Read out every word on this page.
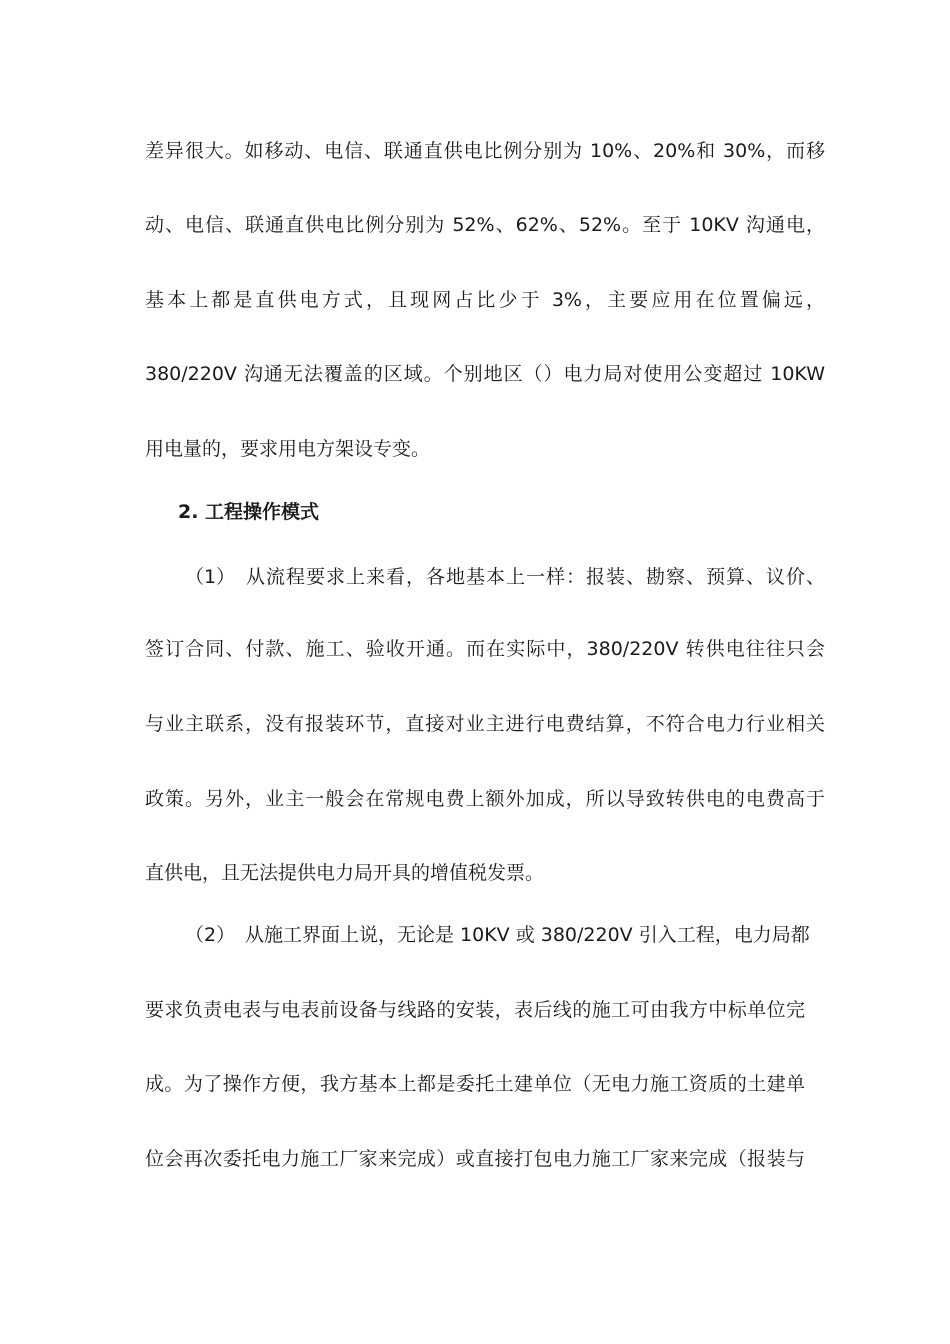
差异很大。如移动、电信、联通直供电比例分别为 10%、20%和 30%，而移
动、电信、联通直供电比例分别为 52%、62%、52%。至于 10KV 沟通电，
基本上都是直供电方式，且现网占比少于 3%，主要应用在位置偏远，
380/220V 沟通无法覆盖的区域。个别地区（）电力局对使用公变超过 10KW
用电量的，要求用电方架设专变。
2. 工程操作模式
（1） 从流程要求上来看，各地基本上一样：报装、勘察、预算、议价、
签订合同、付款、施工、验收开通。而在实际中，380/220V 转供电往往只会
与业主联系，没有报装环节，直接对业主进行电费结算，不符合电力行业相关
政策。另外，业主一般会在常规电费上额外加成，所以导致转供电的电费高于
直供电，且无法提供电力局开具的增值税发票。
（2） 从施工界面上说，无论是 10KV 或 380/220V 引入工程，电力局都
要求负责电表与电表前设备与线路的安装，表后线的施工可由我方中标单位完
成。为了操作方便，我方基本上都是委托土建单位（无电力施工资质的土建单
位会再次委托电力施工厂家来完成）或直接打包电力施工厂家来完成（报装与
